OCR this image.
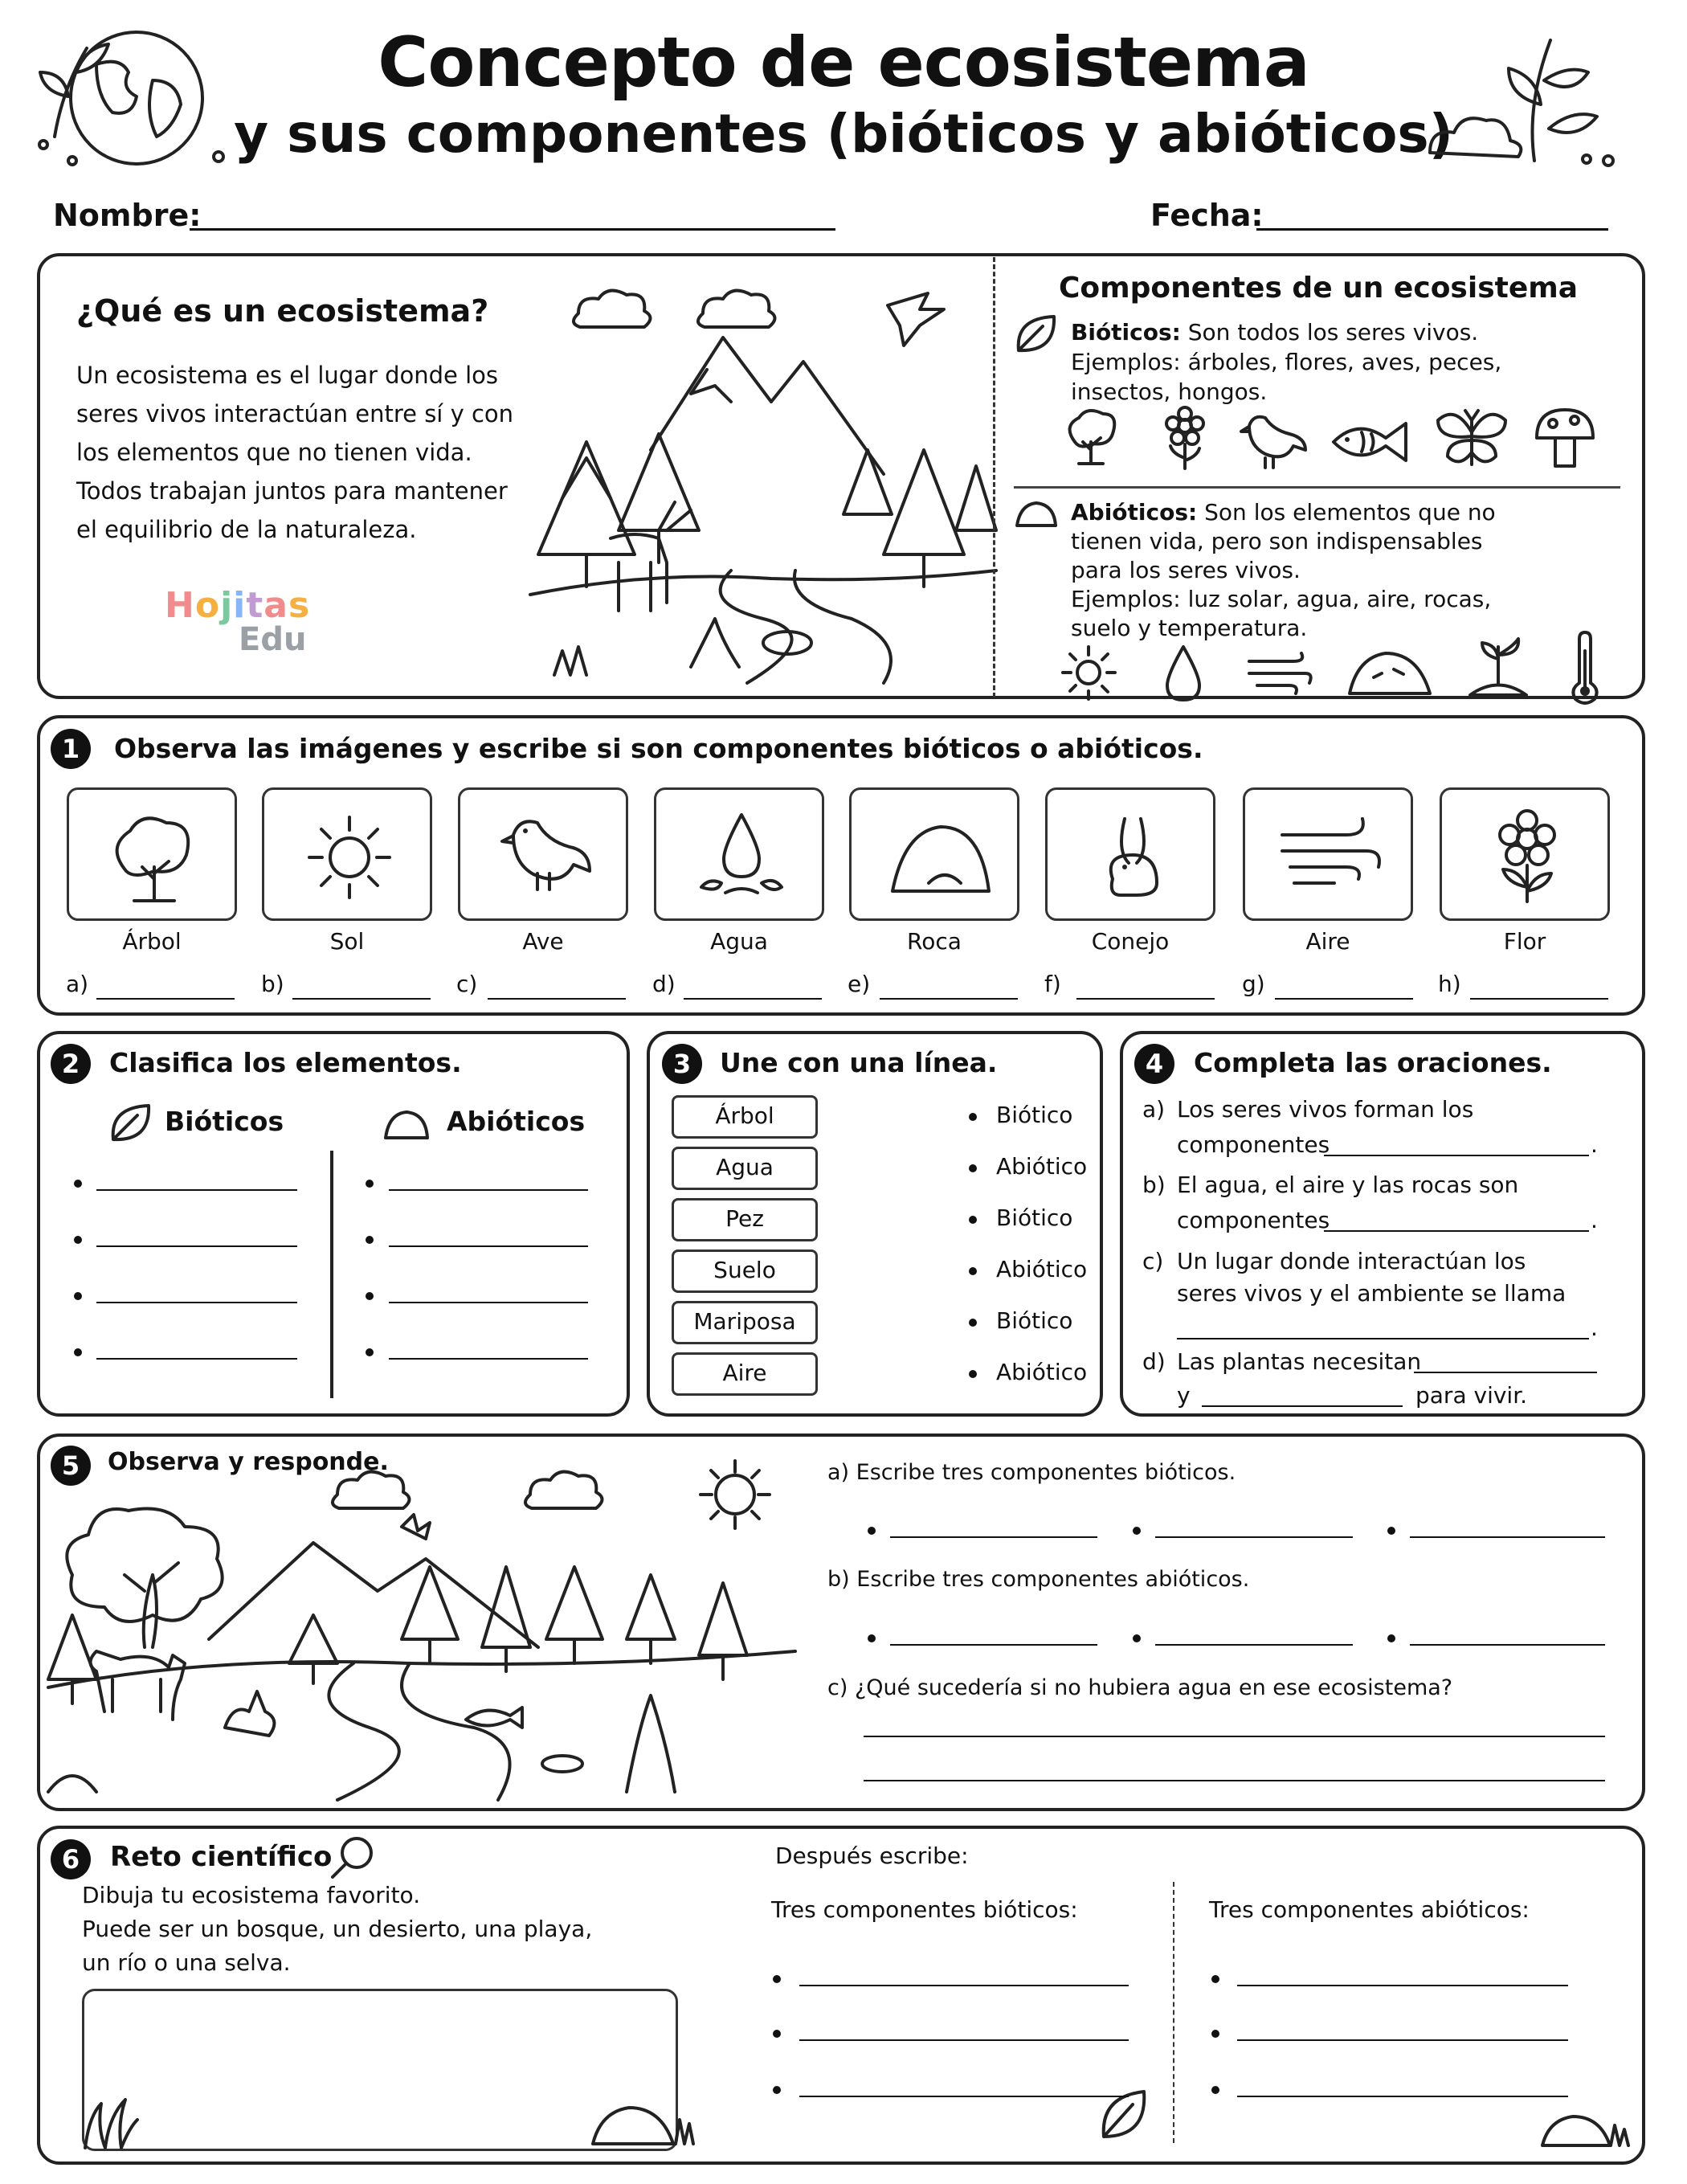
Concepto de ecosistema
y sus componentes (bióticos y abióticos)
Nombre:	Fecha:
¿Qué es un ecosistema?
Un ecosistema es el lugar donde los
seres vivos interactúan entre sí y con
los elementos que no tienen vida.
Todos trabajan juntos para mantener
el equilibrio de la naturaleza.
Hojitas
Edu
Componentes de un ecosistema
Bióticos: Son todos los seres vivos.
Ejemplos: árboles, flores, aves, peces,
insectos, hongos.
Abióticos: Son los elementos que no
tienen vida, pero son indispensables
para los seres vivos.
Ejemplos: luz solar, agua, aire, rocas,
suelo y temperatura.
1	Observa las imágenes y escribe si son componentes bióticos o abióticos.
2	Clasifica los elementos.
Bióticos	Abióticos
3	Une con una línea.	4	Completa las oraciones.
a) Los seres vivos forman los
componentes	.
b) El agua, el aire y las rocas son
componentes	.
c) Un lugar donde interactúan los
seres vivos y el ambiente se llama
.
d) Las plantas necesitan
y	para vivir.
5	Observa y responde.	a) Escribe tres componentes bióticos.
b) Escribe tres componentes abióticos.
c) ¿Qué sucedería si no hubiera agua en ese ecosistema?
6	Reto científico
Dibuja tu ecosistema favorito.
Puede ser un bosque, un desierto, una playa,
un río o una selva.
Después escribe:
Tres componentes bióticos:	Tres componentes abióticos:
Árbol
a)
Sol
b)
Ave
c)
Agua
d)
Roca
e)
Conejo
f)
Aire
g)
Flor
h)
Árbol	Biótico
Agua	Abiótico
Pez	Biótico
Suelo	Abiótico
Mariposa	Biótico
Aire	Abiótico
